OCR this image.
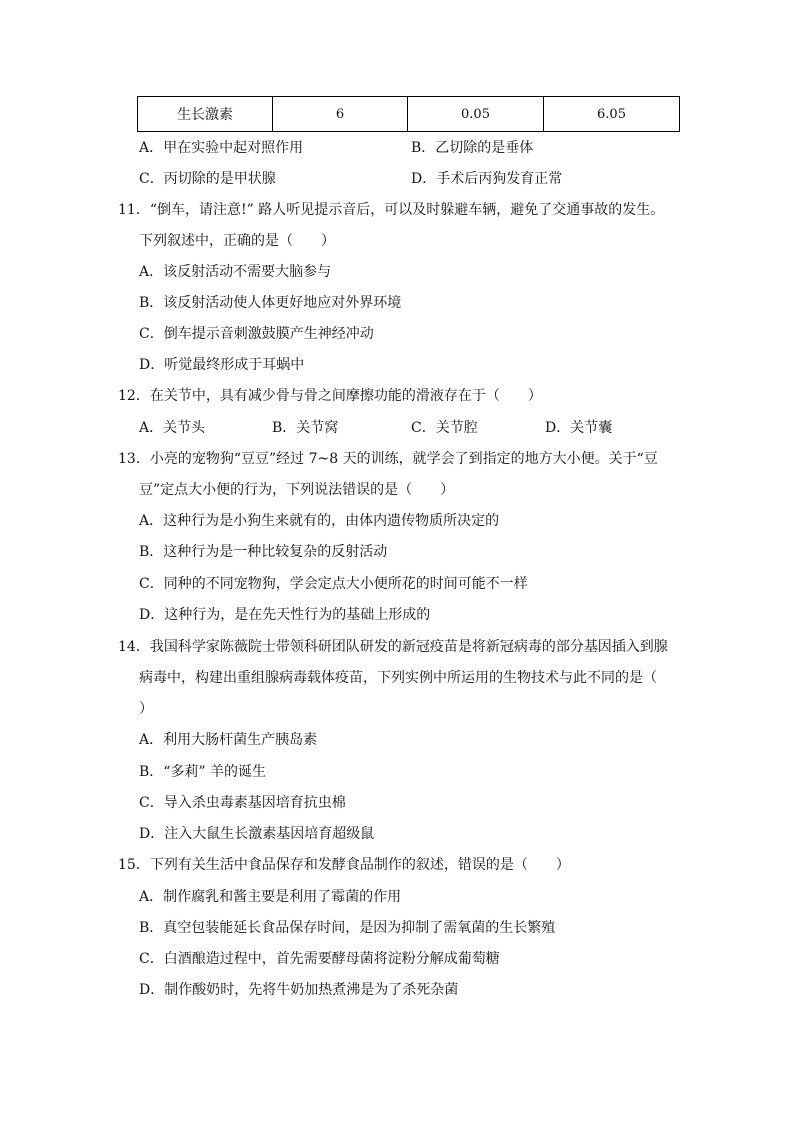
生长激素	6	0.05	6.05
A．甲在实验中起对照作用	B．乙切除的是垂体
C．丙切除的是甲状腺	D．手术后丙狗发育正常
11．“倒车，请注意!” 路人听见提示音后，可以及时躲避车辆，避免了交通事故的发生。
下列叙述中，正确的是（　　）
A．该反射活动不需要大脑参与
B．该反射活动使人体更好地应对外界环境
C．倒车提示音刺激鼓膜产生神经冲动
D．听觉最终形成于耳蜗中
12．在关节中，具有减少骨与骨之间摩擦功能的滑液存在于（　　）
A．关节头	B．关节窝	C．关节腔	D．关节囊
13．小亮的宠物狗“豆豆”经过 7~8 天的训练，就学会了到指定的地方大小便。关于“豆
豆”定点大小便的行为，下列说法错误的是（　　）
A．这种行为是小狗生来就有的，由体内遗传物质所决定的
B．这种行为是一种比较复杂的反射活动
C．同种的不同宠物狗，学会定点大小便所花的时间可能不一样
D．这种行为，是在先天性行为的基础上形成的
14．我国科学家陈薇院士带领科研团队研发的新冠疫苗是将新冠病毒的部分基因插入到腺
病毒中，构建出重组腺病毒载体疫苗，下列实例中所运用的生物技术与此不同的是（
）
A．利用大肠杆菌生产胰岛素
B．“多莉” 羊的诞生
C．导入杀虫毒素基因培育抗虫棉
D．注入大鼠生长激素基因培育超级鼠
15．下列有关生活中食品保存和发酵食品制作的叙述，错误的是（　　）
A．制作腐乳和酱主要是利用了霉菌的作用
B．真空包装能延长食品保存时间，是因为抑制了需氧菌的生长繁殖
C．白酒酿造过程中，首先需要酵母菌将淀粉分解成葡萄糖
D．制作酸奶时，先将牛奶加热煮沸是为了杀死杂菌
